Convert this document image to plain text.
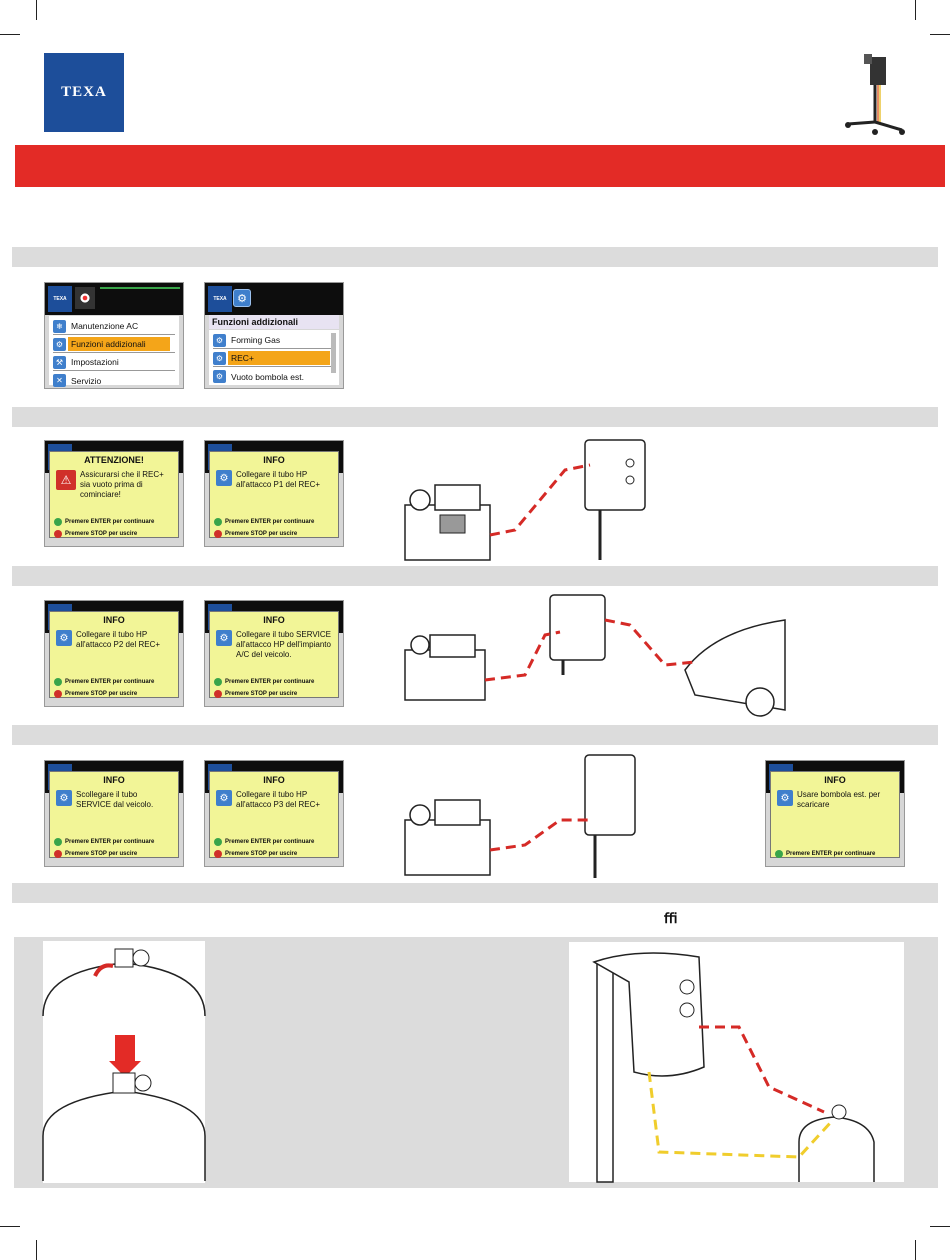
TEXA
TEXA
❄ Manutenzione AC
⚙ Funzioni addizionali
⚒ Impostazioni
✕ Servizio
TEXA ⚙
Funzioni addizionali
⚙ Forming Gas
⚙ REC+
⚙ Vuoto bombola est.
ATTENZIONE!
⚠	Assicurarsi che il REC+ sia vuoto prima di cominciare!
Premere ENTER per continuare
Premere STOP per uscire
INFO
⚙ Collegare il tubo HP all'attacco P1 del REC+
Premere ENTER per continuare
Premere STOP per uscire
INFO
⚙ Collegare il tubo HP all'attacco P2 del REC+
Premere ENTER per continuare
Premere STOP per uscire
INFO
⚙ Collegare il tubo SERVICE all'attacco HP dell'impianto A/C del veicolo.
Premere ENTER per continuare
Premere STOP per uscire
INFO
⚙ Scollegare il tubo SERVICE dal veicolo.
Premere ENTER per continuare
Premere STOP per uscire
INFO
⚙ Collegare il tubo HP all'attacco P3 del REC+
Premere ENTER per continuare
Premere STOP per uscire
INFO
⚙ Usare bombola est. per scaricare
Premere ENTER per continuare
ﬃ
